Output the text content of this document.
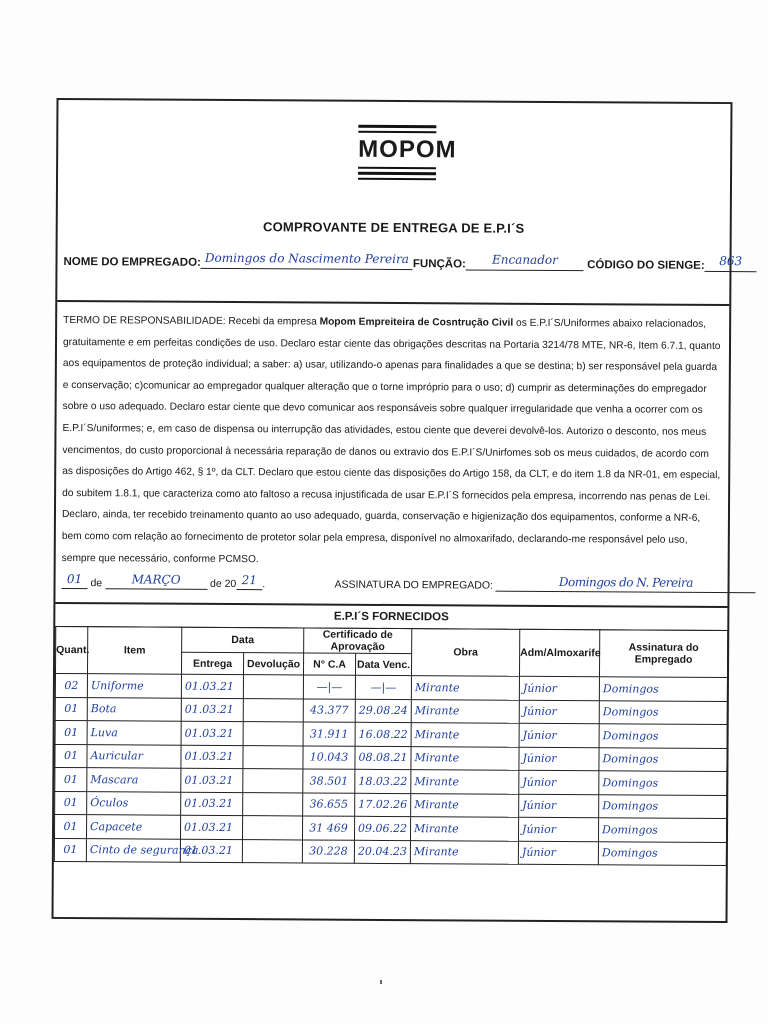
MOPOM
COMPROVANTE DE ENTREGA DE E.P.I´S
NOME DO EMPREGADO: Domingos do Nascimento Pereira FUNÇÃO: Encanador	CÓDIGO DO SIENGE: 863
TERMO DE RESPONSABILIDADE: Recebi da empresa Mopom Empreiteira de Cosntrução Civil os E.P.I´S/Uniformes abaixo relacionados, gratuitamente e em perfeitas condições de uso. Declaro estar ciente das obrigações descritas na Portaria 3214/78 MTE, NR-6, Item 6.7.1, quanto aos equipamentos de proteção individual; a saber: a) usar, utilizando-o apenas para finalidades a que se destina; b) ser responsável pela guarda e conservação; c)comunicar ao empregador qualquer alteração que o torne impróprio para o uso; d) cumprir as determinações do empregador sobre o uso adequado. Declaro estar ciente que devo comunicar aos responsáveis sobre qualquer irregularidade que venha a ocorrer com os E.P.I´S/uniformes; e, em caso de dispensa ou interrupção das atividades, estou ciente que deverei devolvê-los. Autorizo o desconto, nos meus vencimentos, do custo proporcional à necessária reparação de danos ou extravio dos E.P.I´S/Unirfomes sob os meus cuidados, de acordo com as disposições do Artigo 462, § 1º, da CLT. Declaro que estou ciente das disposições do Artigo 158, da CLT, e do item 1.8 da NR-01, em especial, do subitem 1.8.1, que caracteriza como ato faltoso a recusa injustificada de usar E.P.I´S fornecidos pela empresa, incorrendo nas penas de Lei. Declaro, ainda, ter recebido treinamento quanto ao uso adequado, guarda, conservação e higienização dos equipamentos, conforme a NR-6, bem como com relação ao fornecimento de protetor solar pela empresa, disponível no almoxarifado, declarando-me responsável pelo uso, sempre que necessário, conforme PCMSO.
01 de MARÇO	de 20 21 .	ASSINATURA DO EMPREGADO:	Domingos do N. Pereira
E.P.I´S FORNECIDOS
Quant.	Item	Data		Certificado de Aprovação		Obra	Adm/Almoxarife	Assinatura do Empregado
		Entrega	Devolução	N° C.A	Data Venc.			
02	Uniforme	01.03.21		—|—	—|—	Mirante	Júnior	Domingos
01	Bota	01.03.21		43.377	29.08.24	Mirante	Júnior	Domingos
01	Luva	01.03.21		31.911	16.08.22	Mirante	Júnior	Domingos
01	Auricular	01.03.21		10.043	08.08.21	Mirante	Júnior	Domingos
01	Mascara	01.03.21		38.501	18.03.22	Mirante	Júnior	Domingos
01	Óculos	01.03.21		36.655	17.02.26	Mirante	Júnior	Domingos
01	Capacete	01.03.21		31 469	09.06.22	Mirante	Júnior	Domingos
01	Cinto de segurança	01.03.21		30.228	20.04.23	Mirante	Júnior	Domingos
